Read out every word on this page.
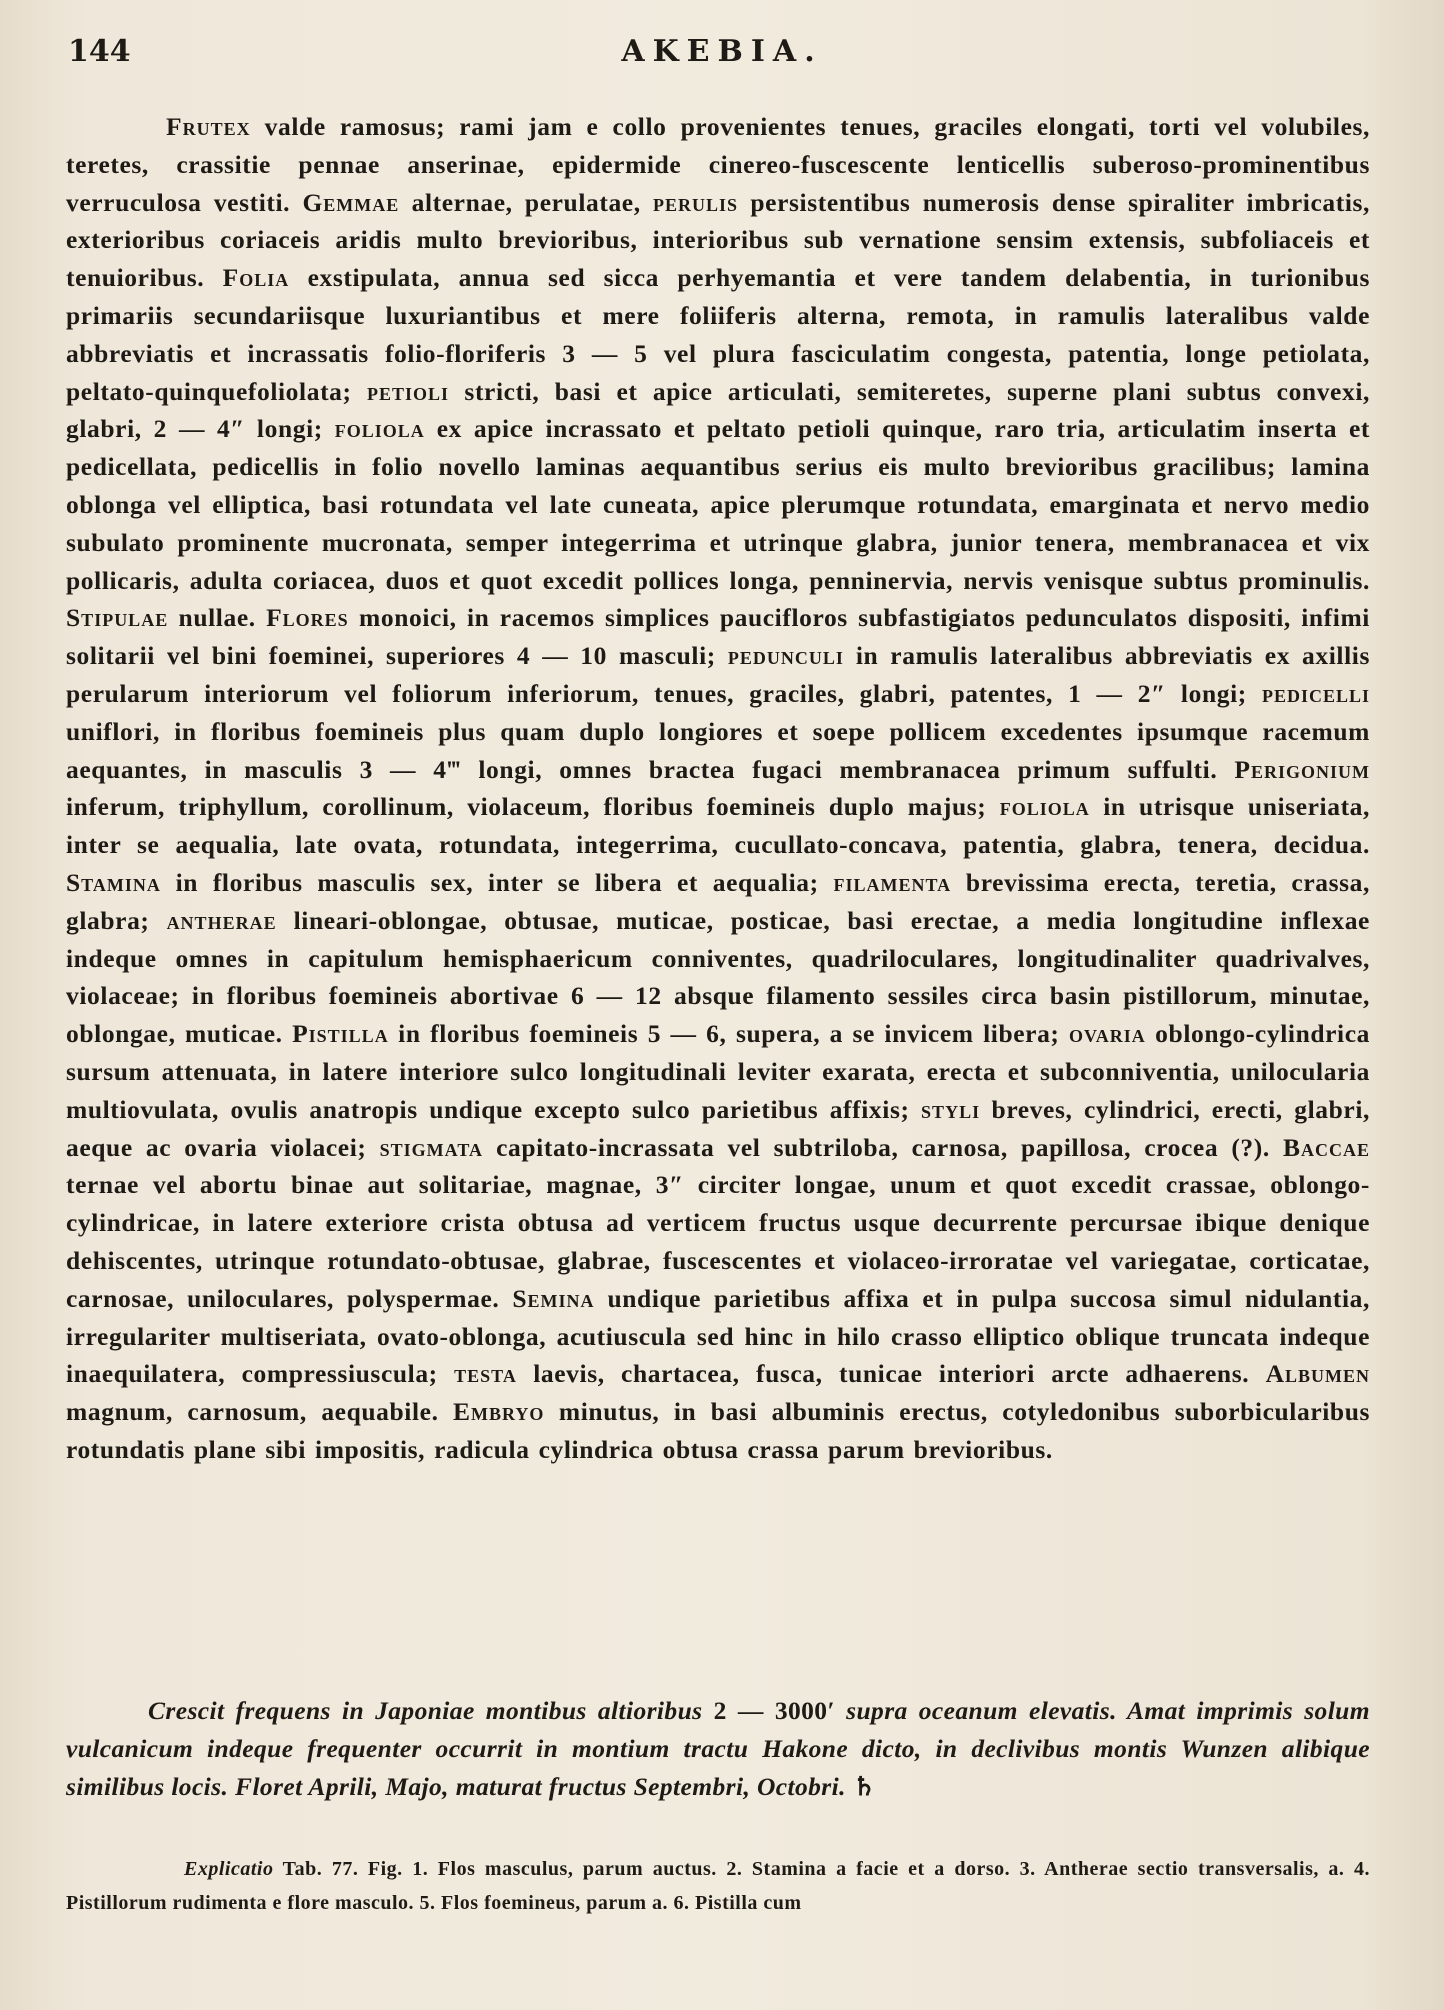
144	AKEBIA.

Frutex valde ramosus; rami jam e collo provenientes tenues, graciles elongati, torti vel volubiles, teretes, crassitie pennae anserinae, epidermide cinereo-fuscescente lenticellis suberoso-prominentibus verruculosa vestiti. Gemmae alternae, perulatae, perulis persistentibus numerosis dense spiraliter imbricatis, exterioribus coriaceis aridis multo brevioribus, interioribus sub vernatione sensim extensis, subfoliaceis et tenuioribus. Folia exstipulata, annua sed sicca perhyemantia et vere tandem delabentia, in turionibus primariis secundariisque luxuriantibus et mere foliiferis alterna, remota, in ramulis lateralibus valde abbreviatis et incrassatis folio-floriferis 3 — 5 vel plura fasciculatim congesta, patentia, longe petiolata, peltato-quinquefoliolata; petioli stricti, basi et apice articulati, semiteretes, superne plani subtus convexi, glabri, 2 — 4″ longi; foliola ex apice incrassato et peltato petioli quinque, raro tria, articulatim inserta et pedicellata, pedicellis in folio novello laminas aequantibus serius eis multo brevioribus gracilibus; lamina oblonga vel elliptica, basi rotundata vel late cuneata, apice plerumque rotundata, emarginata et nervo medio subulato prominente mucronata, semper integerrima et utrinque glabra, junior tenera, membranacea et vix pollicaris, adulta coriacea, duos et quot excedit pollices longa, penninervia, nervis venisque subtus prominulis. Stipulae nullae. Flores monoici, in racemos simplices paucifloros subfastigiatos pedunculatos dispositi, infimi solitarii vel bini foeminei, superiores 4 — 10 masculi; pedunculi in ramulis lateralibus abbreviatis ex axillis perularum interiorum vel foliorum inferiorum, tenues, graciles, glabri, patentes, 1 — 2″ longi; pedicelli uniflori, in floribus foemineis plus quam duplo longiores et soepe pollicem excedentes ipsumque racemum aequantes, in masculis 3 — 4‴ longi, omnes bractea fugaci membranacea primum suffulti. Perigonium inferum, triphyllum, corollinum, violaceum, floribus foemineis duplo majus; foliola in utrisque uniseriata, inter se aequalia, late ovata, rotundata, integerrima, cucullato-concava, patentia, glabra, tenera, decidua. Stamina in floribus masculis sex, inter se libera et aequalia; filamenta brevissima erecta, teretia, crassa, glabra; antherae lineari-oblongae, obtusae, muticae, posticae, basi erectae, a media longitudine inflexae indeque omnes in capitulum hemisphaericum conniventes, quadriloculares, longitudinaliter quadrivalves, violaceae; in floribus foemineis abortivae 6 — 12 absque filamento sessiles circa basin pistillorum, minutae, oblongae, muticae. Pistilla in floribus foemineis 5 — 6, supera, a se invicem libera; ovaria oblongo-cylindrica sursum attenuata, in latere interiore sulco longitudinali leviter exarata, erecta et subconniventia, unilocularia multiovulata, ovulis anatropis undique excepto sulco parietibus affixis; styli breves, cylindrici, erecti, glabri, aeque ac ovaria violacei; stigmata capitato-incrassata vel subtriloba, carnosa, papillosa, crocea (?). Baccae ternae vel abortu binae aut solitariae, magnae, 3″ circiter longae, unum et quot excedit crassae, oblongo-cylindricae, in latere exteriore crista obtusa ad verticem fructus usque decurrente percursae ibique denique dehiscentes, utrinque rotundato-obtusae, glabrae, fuscescentes et violaceo-irroratae vel variegatae, corticatae, carnosae, uniloculares, polyspermae. Semina undique parietibus affixa et in pulpa succosa simul nidulantia, irregulariter multiseriata, ovato-oblonga, acutiuscula sed hinc in hilo crasso elliptico oblique truncata indeque inaequilatera, compressiuscula; testa laevis, chartacea, fusca, tunicae interiori arcte adhaerens. Albumen magnum, carnosum, aequabile. Embryo minutus, in basi albuminis erectus, cotyledonibus suborbicularibus rotundatis plane sibi impositis, radicula cylindrica obtusa crassa parum brevioribus.

Crescit frequens in Japoniae montibus altioribus 2 — 3000′ supra oceanum elevatis. Amat imprimis solum vulcanicum indeque frequenter occurrit in montium tractu Hakone dicto, in declivibus montis Wunzen alibique similibus locis. Floret Aprili, Majo, maturat fructus Septembri, Octobri. ♄

Explicatio Tab. 77. Fig. 1. Flos masculus, parum auctus. 2. Stamina a facie et a dorso. 3. Antherae sectio transversalis, a. 4. Pistillorum rudimenta e flore masculo. 5. Flos foemineus, parum a. 6. Pistilla cum
